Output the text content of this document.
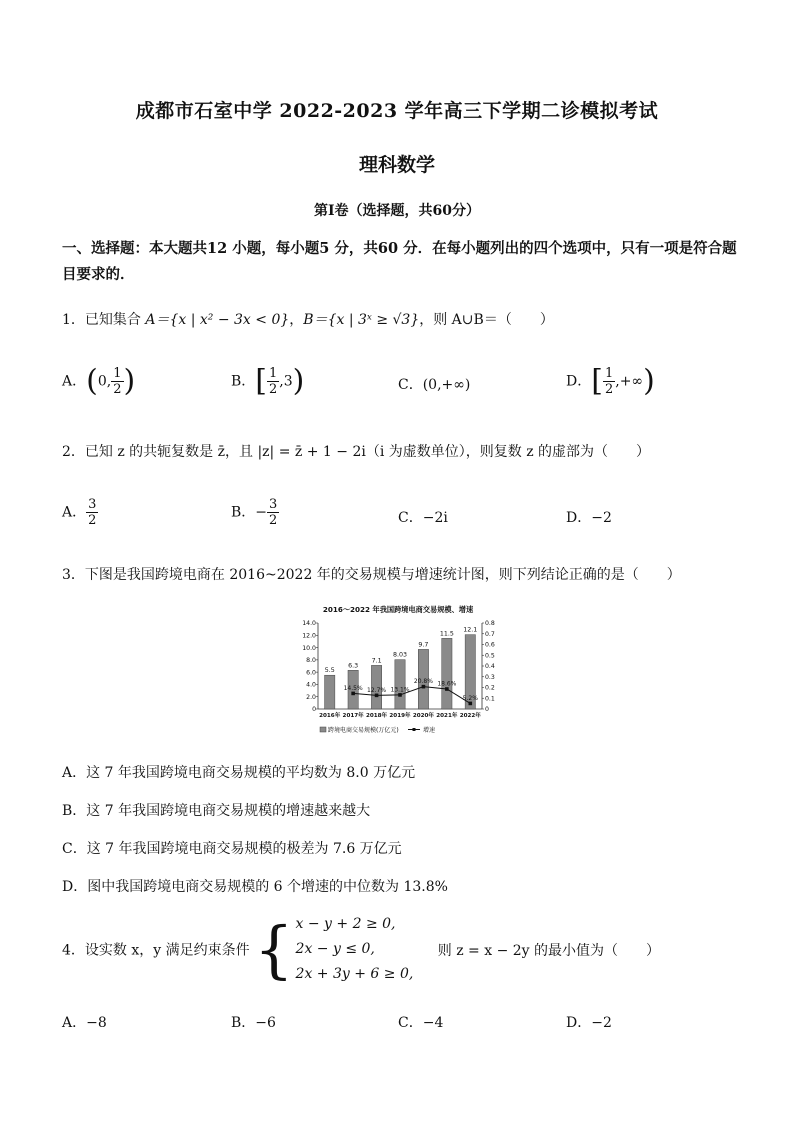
成都市石室中学 2022-2023 学年高三下学期二诊模拟考试
理科数学
第Ⅰ卷（选择题，共60分）
一、选择题：本大题共12 小题，每小题5 分，共60 分．在每小题列出的四个选项中，只有一项是符合题目要求的．
1．已知集合 A＝{x | x² − 3x < 0}，B＝{x | 3ˣ ≥ √3}，则 A∪B＝（　　）
A．(0, $\frac{1}{2}$ )	B．[ $\frac{1}{2} ,3$)	C．(0,+∞)	D．[ $\frac{1}{2}$ ,+∞)
2．已知 z 的共轭复数是 z̄，且 |z| = z̄ + 1 − 2i（i 为虚数单位），则复数 z 的虚部为（　　）
A． $\frac{3}{2}$	B．− $\frac{3}{2}$	C．−2i	D．−2
3．下图是我国跨境电商在 2016~2022 年的交易规模与增速统计图，则下列结论正确的是（　　）
2016～2022 年我国跨境电商交易规模、增速
0
2.0
4.0
6.0
8.0
10.0
12.0
14.0
0
0.1
0.2
0.3
0.4
0.5
0.6
0.7
0.8
5.5
6.3
7.1
8.03
9.7
11.5
12.1
14.5% 12.7% 13.1%
20.8% 18.6%
5.2%
2016年 2017年 2018年 2019年 2020年 2021年 2022年
跨境电商交易规模(万亿元)	增速
A．这 7 年我国跨境电商交易规模的平均数为 8.0 万亿元
B．这 7 年我国跨境电商交易规模的增速越来越大
C．这 7 年我国跨境电商交易规模的极差为 7.6 万亿元
D．图中我国跨境电商交易规模的 6 个增速的中位数为 13.8%
4．设实数 x，y 满足约束条件 { x − y + 2 ≥ 0,
2x − y ≤ 0,
2x + 3y + 6 ≥ 0,
则 z = x − 2y 的最小值为（　　）
A．−8	B．−6	C．−4	D．−2
